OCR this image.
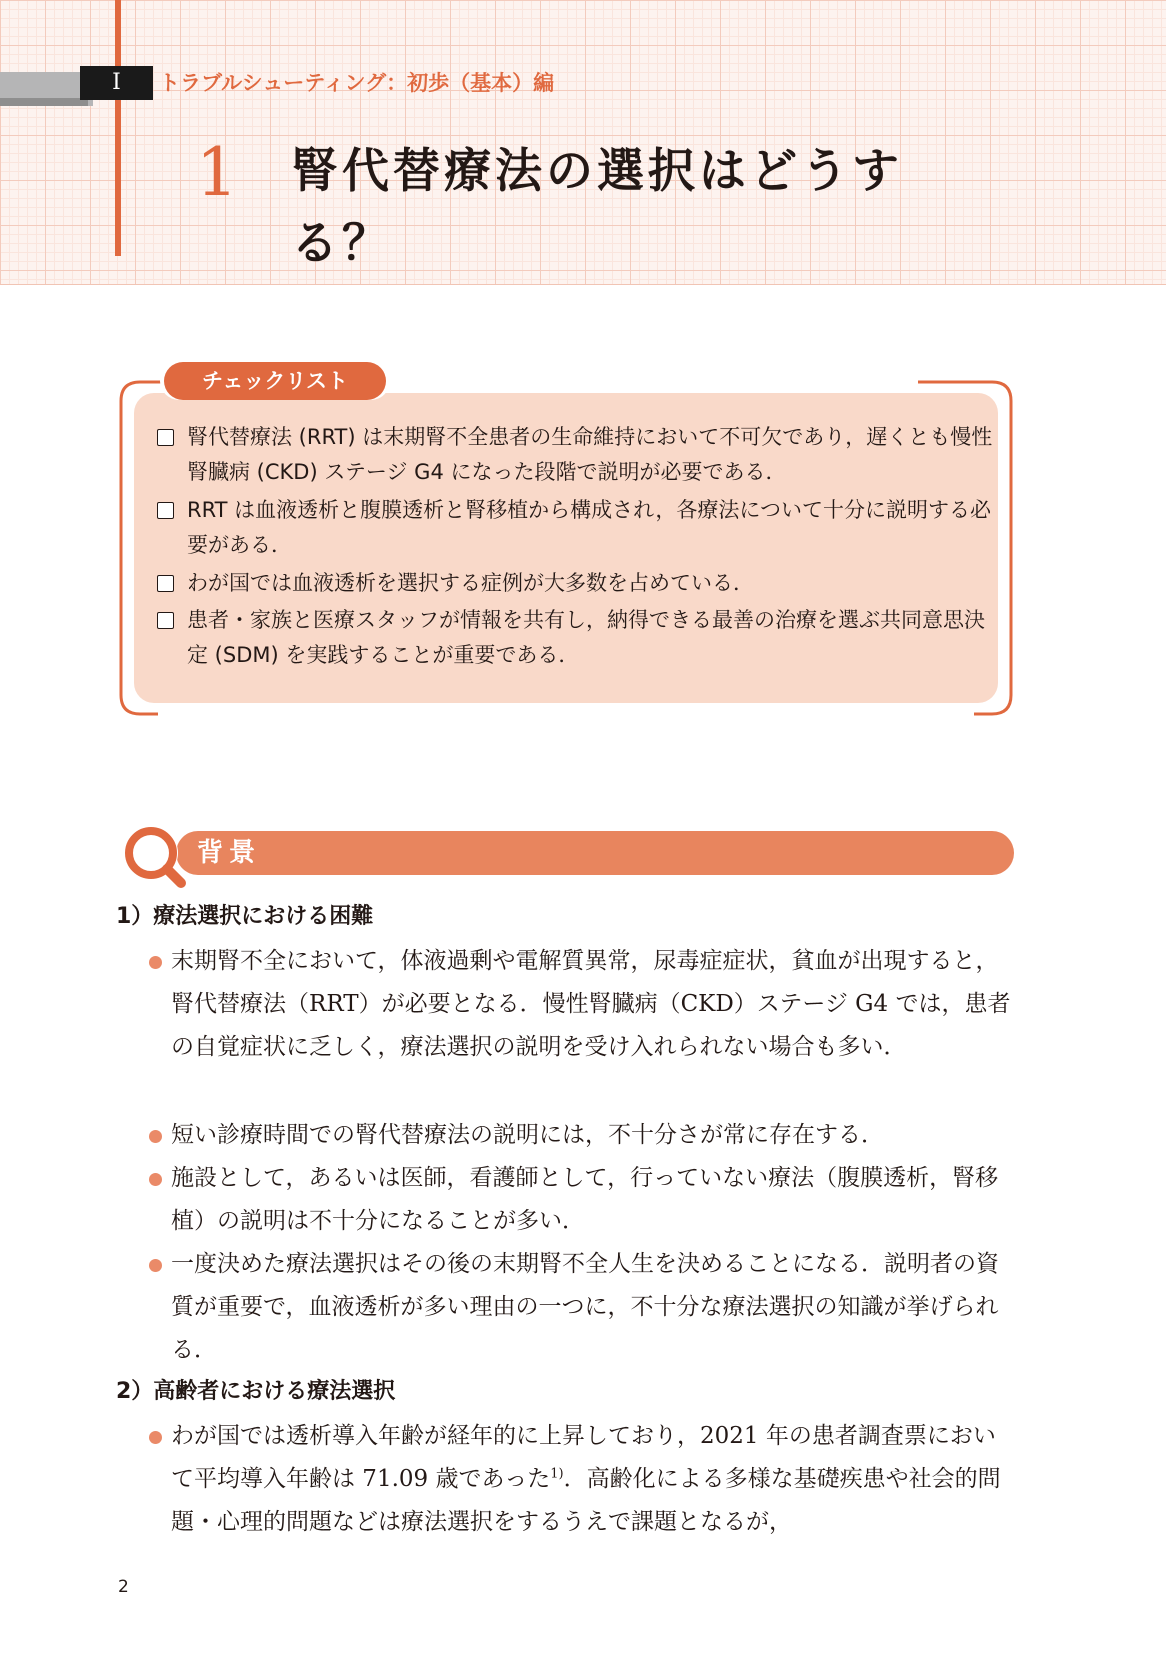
I	トラブルシューティング：初歩（基本）編
1 腎代替療法の選択はどうする？
チェックリスト
腎代替療法 (RRT) は末期腎不全患者の生命維持において不可欠であり，遅くとも慢性腎臓病 (CKD) ステージ G4 になった段階で説明が必要である．
RRT は血液透析と腹膜透析と腎移植から構成され，各療法について十分に説明する必要がある．
わが国では血液透析を選択する症例が大多数を占めている．
患者・家族と医療スタッフが情報を共有し，納得できる最善の治療を選ぶ共同意思決定 (SDM) を実践することが重要である．
背景
1）療法選択における困難
末期腎不全において，体液過剰や電解質異常，尿毒症症状，貧血が出現すると，腎代替療法（RRT）が必要となる．慢性腎臓病（CKD）ステージ G4 では，患者の自覚症状に乏しく，療法選択の説明を受け入れられない場合も多い．
短い診療時間での腎代替療法の説明には，不十分さが常に存在する．
施設として，あるいは医師，看護師として，行っていない療法（腹膜透析，腎移植）の説明は不十分になることが多い．
一度決めた療法選択はその後の末期腎不全人生を決めることになる．説明者の資質が重要で，血液透析が多い理由の一つに，不十分な療法選択の知識が挙げられる．
2）高齢者における療法選択
わが国では透析導入年齢が経年的に上昇しており，2021 年の患者調査票において平均導入年齢は 71.09 歳であった$^{1)}$．高齢化による多様な基礎疾患や社会的問題・心理的問題などは療法選択をするうえで課題となるが，
2
